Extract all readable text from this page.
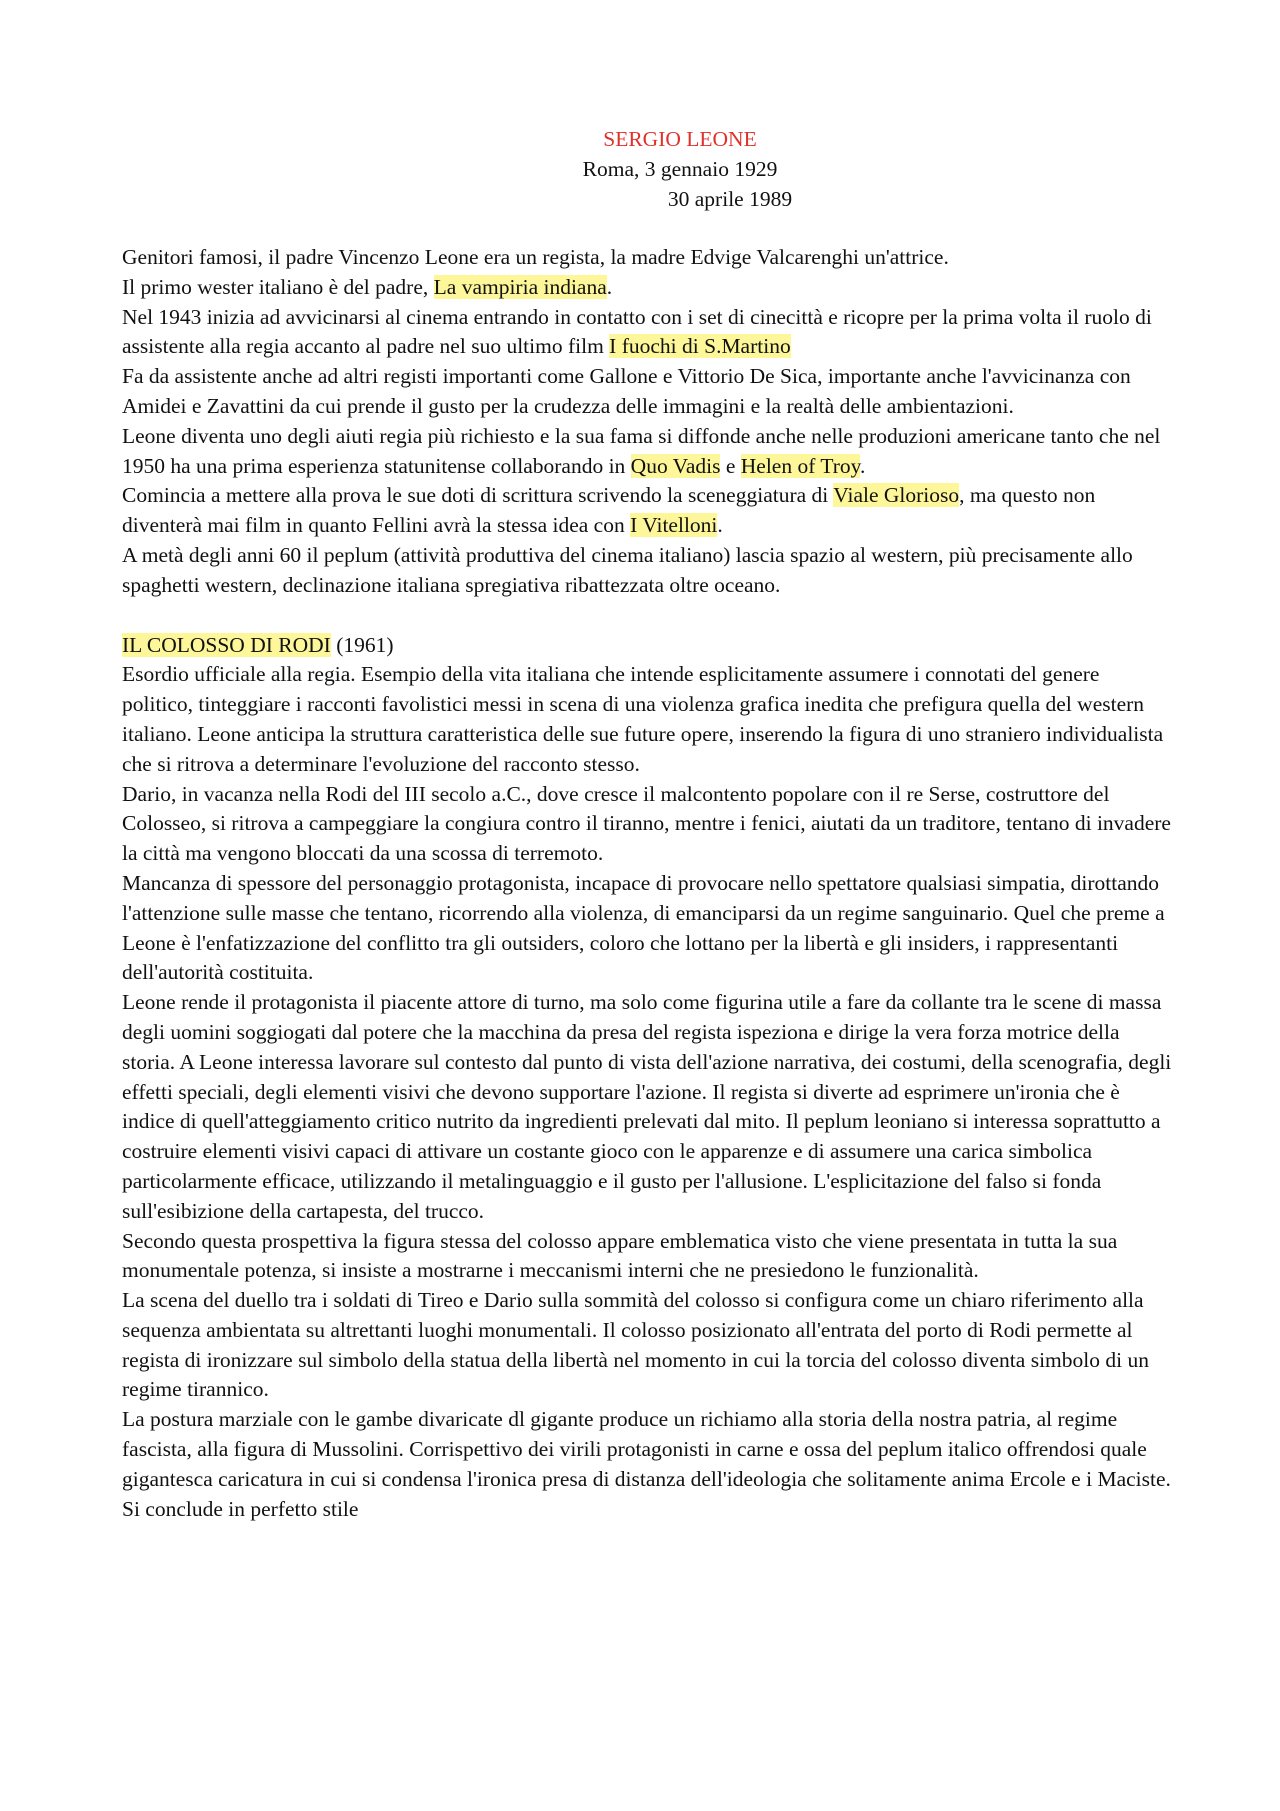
SERGIO LEONE
Roma, 3 gennaio 1929
30 aprile 1989

Genitori famosi, il padre Vincenzo Leone era un regista, la madre Edvige Valcarenghi un'attrice.

Il primo wester italiano è del padre, La vampiria indiana.

Nel 1943 inizia ad avvicinarsi al cinema entrando in contatto con i set di cinecittà e ricopre per la prima volta il ruolo di assistente alla regia accanto al padre nel suo ultimo film I fuochi di S.Martino

Fa da assistente anche ad altri registi importanti come Gallone e Vittorio De Sica, importante anche l'avvicinanza con Amidei e Zavattini da cui prende il gusto per la crudezza delle immagini e la realtà delle ambientazioni.

Leone diventa uno degli aiuti regia più richiesto e la sua fama si diffonde anche nelle produzioni americane tanto che nel 1950 ha una prima esperienza statunitense collaborando in Quo Vadis e Helen of Troy.

Comincia a mettere alla prova le sue doti di scrittura scrivendo la sceneggiatura di Viale Glorioso, ma questo non diventerà mai film in quanto Fellini avrà la stessa idea con I Vitelloni.

A metà degli anni 60 il peplum (attività produttiva del cinema italiano) lascia spazio al western, più precisamente allo spaghetti western, declinazione italiana spregiativa ribattezzata oltre oceano.

IL COLOSSO DI RODI (1961)

Esordio ufficiale alla regia. Esempio della vita italiana che intende esplicitamente assumere i connotati del genere politico, tinteggiare i racconti favolistici messi in scena di una violenza grafica inedita che prefigura quella del western italiano. Leone anticipa la struttura caratteristica delle sue future opere, inserendo la figura di uno straniero individualista che si ritrova a determinare l'evoluzione del racconto stesso.

Dario, in vacanza nella Rodi del III secolo a.C., dove cresce il malcontento popolare con il re Serse, costruttore del Colosseo, si ritrova a campeggiare la congiura contro il tiranno, mentre i fenici, aiutati da un traditore, tentano di invadere la città ma vengono bloccati da una scossa di terremoto.

Mancanza di spessore del personaggio protagonista, incapace di provocare nello spettatore qualsiasi simpatia, dirottando l'attenzione sulle masse che tentano, ricorrendo alla violenza, di emanciparsi da un regime sanguinario. Quel che preme a Leone è l'enfatizzazione del conflitto tra gli outsiders, coloro che lottano per la libertà e gli insiders, i rappresentanti dell'autorità costituita.

Leone rende il protagonista il piacente attore di turno, ma solo come figurina utile a fare da collante tra le scene di massa degli uomini soggiogati dal potere che la macchina da presa del regista ispeziona e dirige la vera forza motrice della storia. A Leone interessa lavorare sul contesto dal punto di vista dell'azione narrativa, dei costumi, della scenografia, degli effetti speciali, degli elementi visivi che devono supportare l'azione. Il regista si diverte ad esprimere un'ironia che è indice di quell'atteggiamento critico nutrito da ingredienti prelevati dal mito. Il peplum leoniano si interessa soprattutto a costruire elementi visivi capaci di attivare un costante gioco con le apparenze e di assumere una carica simbolica particolarmente efficace, utilizzando il metalinguaggio e il gusto per l'allusione. L'esplicitazione del falso si fonda sull'esibizione della cartapesta, del trucco.

Secondo questa prospettiva la figura stessa del colosso appare emblematica visto che viene presentata in tutta la sua monumentale potenza, si insiste a mostrarne i meccanismi interni che ne presiedono le funzionalità.

La scena del duello tra i soldati di Tireo e Dario sulla sommità del colosso si configura come un chiaro riferimento alla sequenza ambientata su altrettanti luoghi monumentali. Il colosso posizionato all'entrata del porto di Rodi permette al regista di ironizzare sul simbolo della statua della libertà nel momento in cui la torcia del colosso diventa simbolo di un regime tirannico.

La postura marziale con le gambe divaricate dl gigante produce un richiamo alla storia della nostra patria, al regime fascista, alla figura di Mussolini. Corrispettivo dei virili protagonisti in carne e ossa del peplum italico offrendosi quale gigantesca caricatura in cui si condensa l'ironica presa di distanza dell'ideologia che solitamente anima Ercole e i Maciste. Si conclude in perfetto stile
